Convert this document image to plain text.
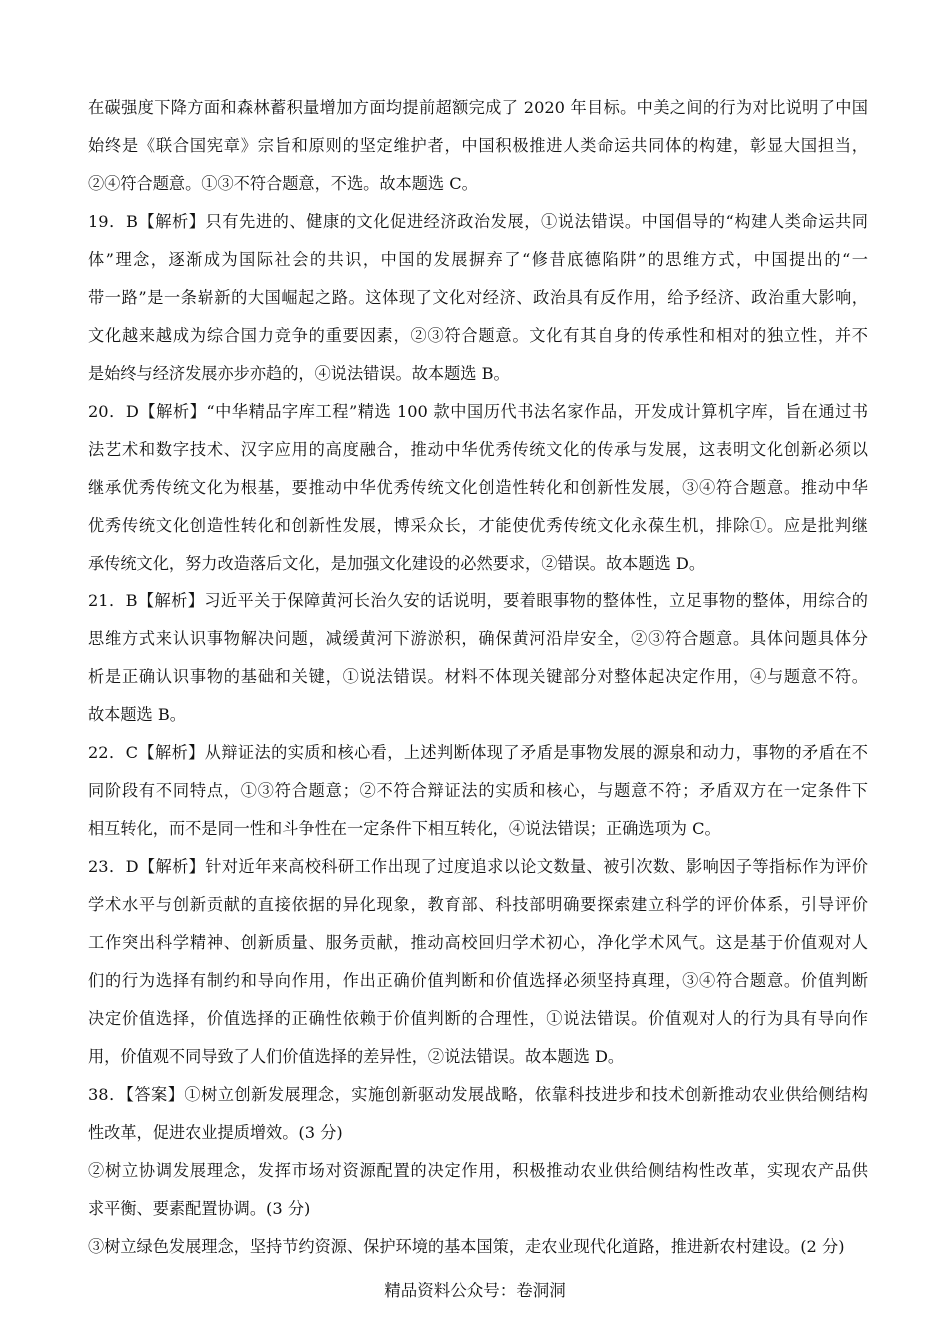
在碳强度下降方面和森林蓄积量增加方面均提前超额完成了 2020 年目标。中美之间的行为对比说明了中国

始终是《联合国宪章》宗旨和原则的坚定维护者，中国积极推进人类命运共同体的构建，彰显大国担当，

②④符合题意。①③不符合题意，不选。故本题选 C。

19．B【解析】只有先进的、健康的文化促进经济政治发展，①说法错误。中国倡导的“构建人类命运共同

体”理念，逐渐成为国际社会的共识，中国的发展摒弃了“修昔底德陷阱”的思维方式，中国提出的“一

带一路”是一条崭新的大国崛起之路。这体现了文化对经济、政治具有反作用，给予经济、政治重大影响，

文化越来越成为综合国力竞争的重要因素，②③符合题意。文化有其自身的传承性和相对的独立性，并不

是始终与经济发展亦步亦趋的，④说法错误。故本题选 B。

20．D【解析】“中华精品字库工程”精选 100 款中国历代书法名家作品，开发成计算机字库，旨在通过书

法艺术和数字技术、汉字应用的高度融合，推动中华优秀传统文化的传承与发展，这表明文化创新必须以

继承优秀传统文化为根基，要推动中华优秀传统文化创造性转化和创新性发展，③④符合题意。推动中华

优秀传统文化创造性转化和创新性发展，博采众长，才能使优秀传统文化永葆生机，排除①。应是批判继

承传统文化，努力改造落后文化，是加强文化建设的必然要求，②错误。故本题选 D。

21．B【解析】习近平关于保障黄河长治久安的话说明，要着眼事物的整体性，立足事物的整体，用综合的

思维方式来认识事物解决问题，减缓黄河下游淤积，确保黄河沿岸安全，②③符合题意。具体问题具体分

析是正确认识事物的基础和关键，①说法错误。材料不体现关键部分对整体起决定作用，④与题意不符。

故本题选 B。

22．C【解析】从辩证法的实质和核心看，上述判断体现了矛盾是事物发展的源泉和动力，事物的矛盾在不

同阶段有不同特点，①③符合题意；②不符合辩证法的实质和核心，与题意不符；矛盾双方在一定条件下

相互转化，而不是同一性和斗争性在一定条件下相互转化，④说法错误；正确选项为 C。

23．D【解析】针对近年来高校科研工作出现了过度追求以论文数量、被引次数、影响因子等指标作为评价

学术水平与创新贡献的直接依据的异化现象，教育部、科技部明确要探索建立科学的评价体系，引导评价

工作突出科学精神、创新质量、服务贡献，推动高校回归学术初心，净化学术风气。这是基于价值观对人

们的行为选择有制约和导向作用，作出正确价值判断和价值选择必须坚持真理，③④符合题意。价值判断

决定价值选择，价值选择的正确性依赖于价值判断的合理性，①说法错误。价值观对人的行为具有导向作

用，价值观不同导致了人们价值选择的差异性，②说法错误。故本题选 D。

38．【答案】①树立创新发展理念，实施创新驱动发展战略，依靠科技进步和技术创新推动农业供给侧结构

性改革，促进农业提质增效。(3 分)

②树立协调发展理念，发挥市场对资源配置的决定作用，积极推动农业供给侧结构性改革，实现农产品供

求平衡、要素配置协调。(3 分)

③树立绿色发展理念，坚持节约资源、保护环境的基本国策，走农业现代化道路，推进新农村建设。(2 分)

精品资料公众号：卷洞洞
